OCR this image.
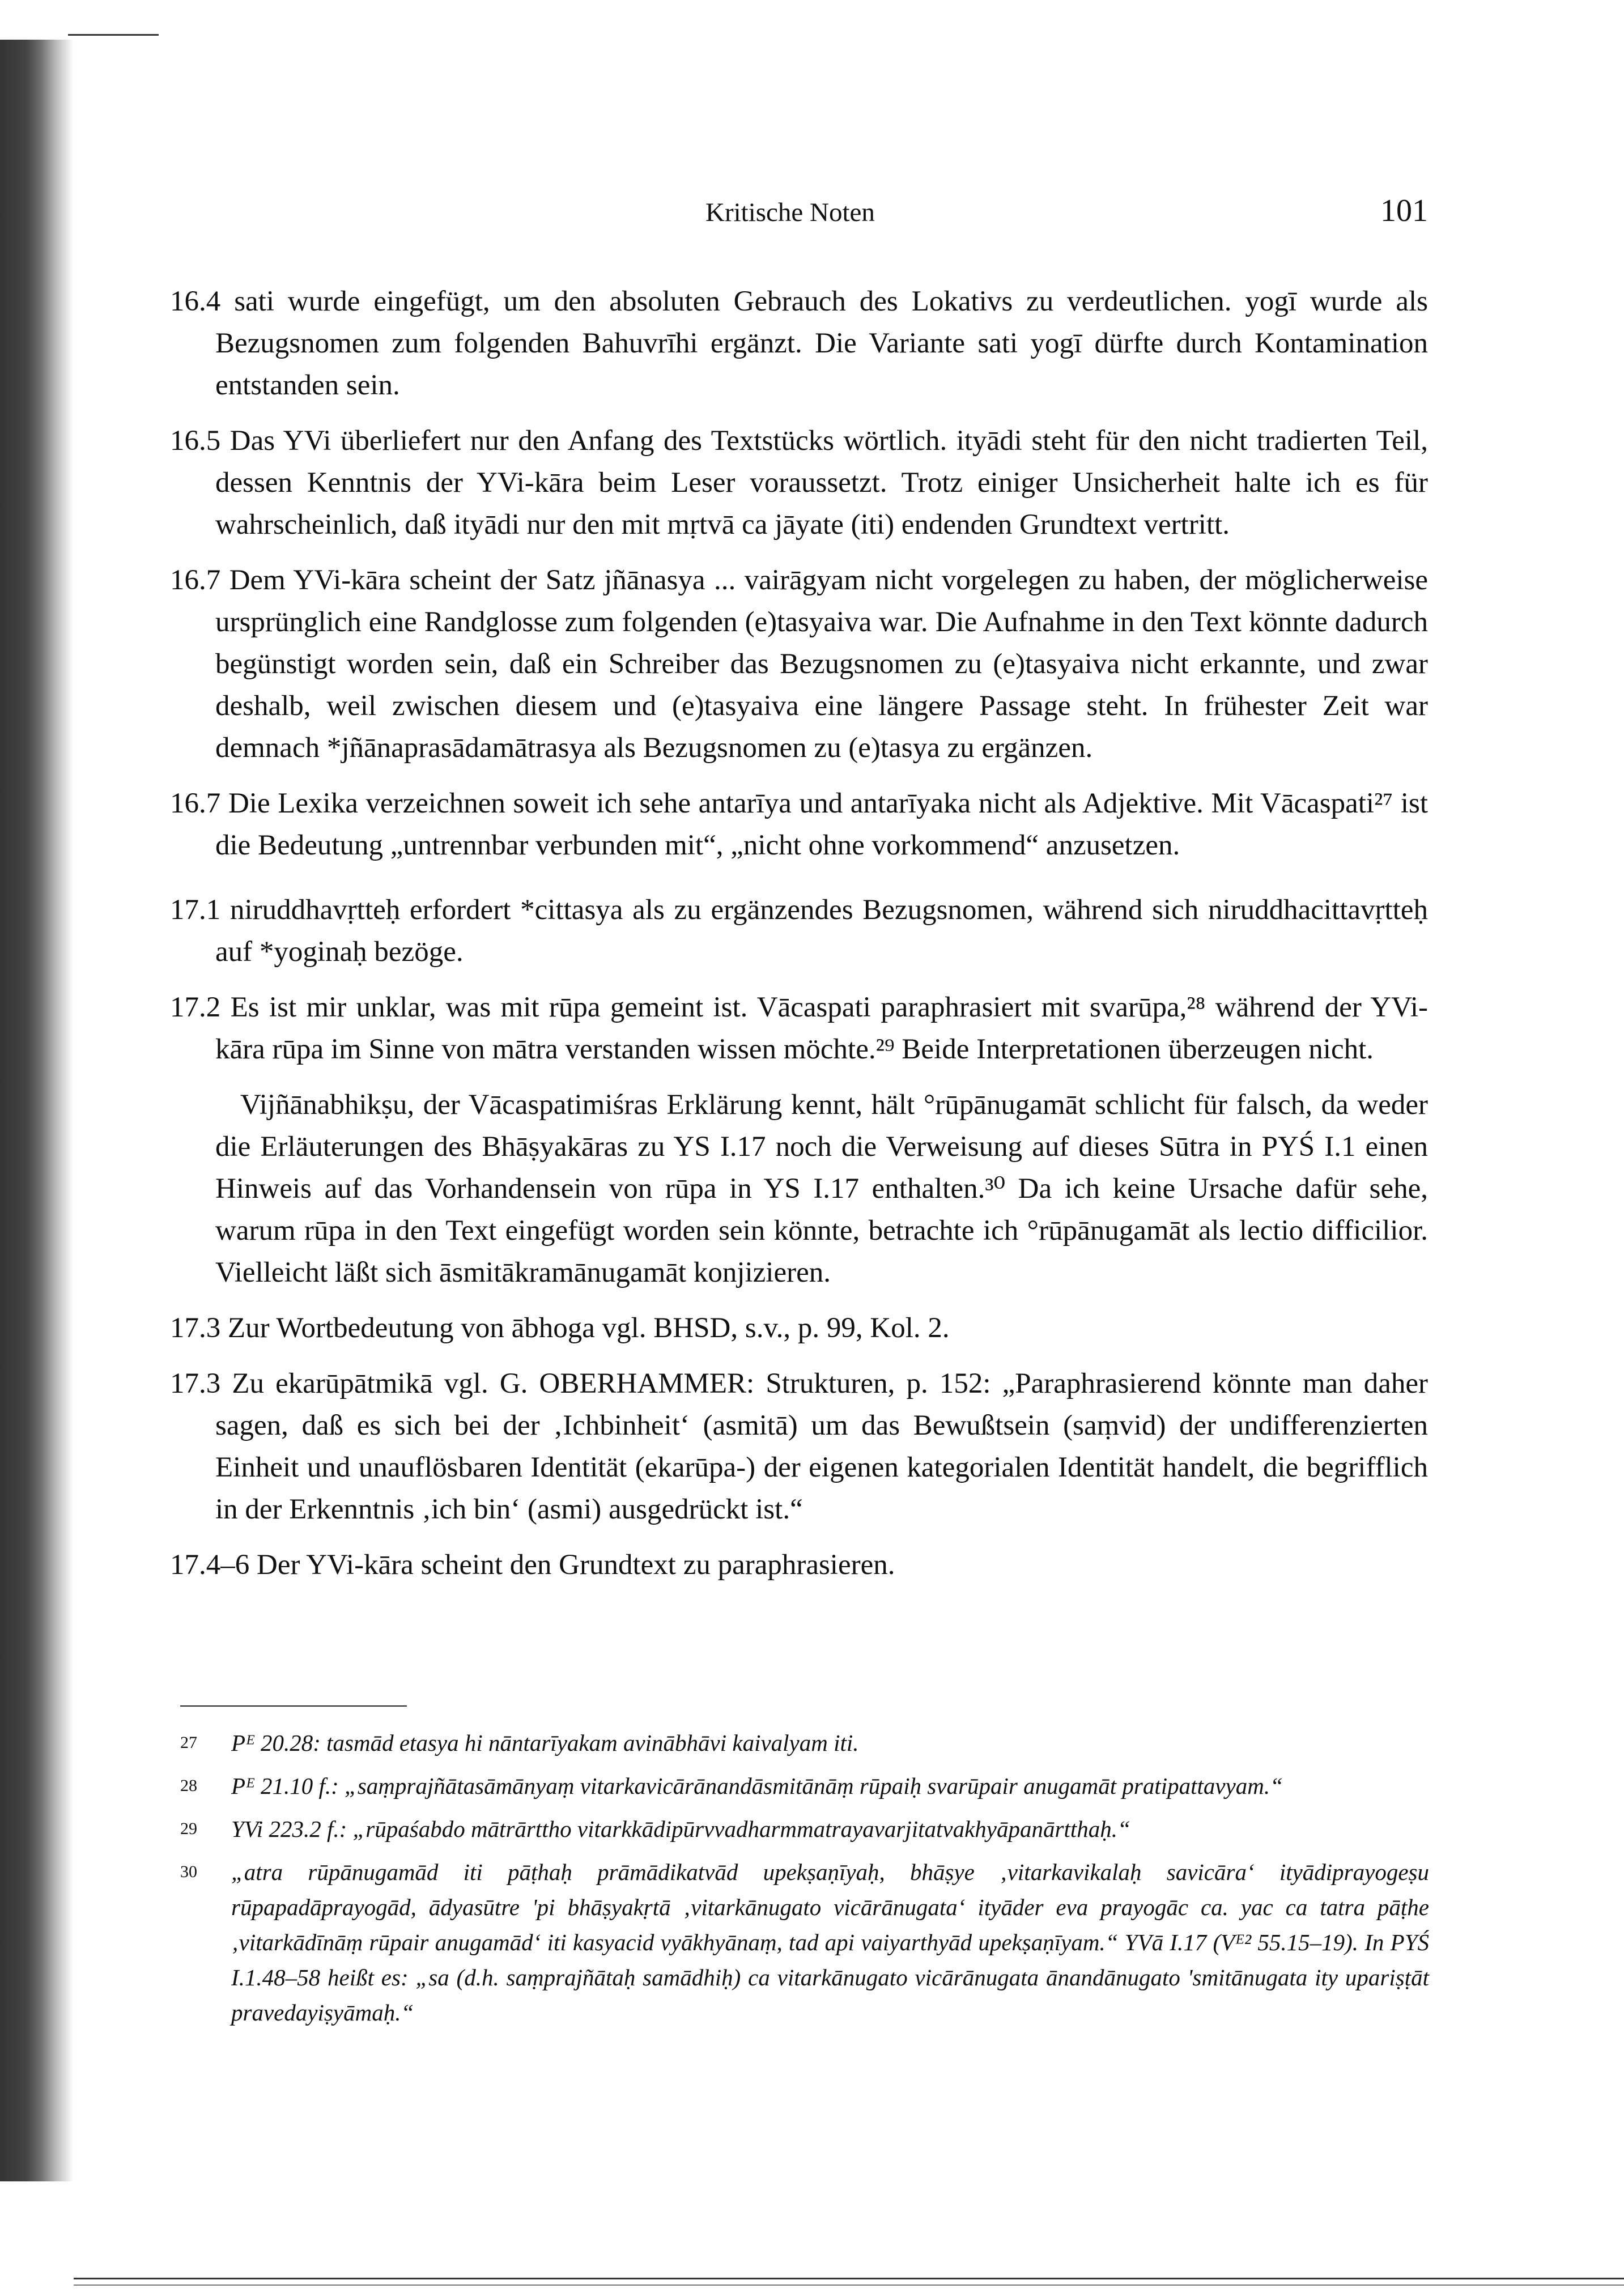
Kritische Noten	101

16.4 sati wurde eingefügt, um den absoluten Gebrauch des Lokativs zu verdeutlichen. yogī wurde als Bezugsnomen zum folgenden Bahuvrīhi ergänzt. Die Variante sati yogī dürfte durch Kontamination entstanden sein.

16.5 Das YVi überliefert nur den Anfang des Textstücks wörtlich. ityādi steht für den nicht tradierten Teil, dessen Kenntnis der YVi-kāra beim Leser voraussetzt. Trotz einiger Unsicherheit halte ich es für wahrscheinlich, daß ityādi nur den mit mṛtvā ca jāyate (iti) endenden Grundtext vertritt.

16.7 Dem YVi-kāra scheint der Satz jñānasya ... vairāgyam nicht vorgelegen zu haben, der möglicherweise ursprünglich eine Randglosse zum folgenden (e)tasyaiva war. Die Aufnahme in den Text könnte dadurch begünstigt worden sein, daß ein Schreiber das Bezugsnomen zu (e)tasyaiva nicht erkannte, und zwar deshalb, weil zwischen diesem und (e)tasyaiva eine längere Passage steht. In frühester Zeit war demnach *jñānaprasādamātrasya als Bezugsnomen zu (e)tasya zu ergänzen.

16.7 Die Lexika verzeichnen soweit ich sehe antarīya und antarīyaka nicht als Adjektive. Mit Vācaspati²⁷ ist die Bedeutung „untrennbar verbunden mit“, „nicht ohne vorkommend“ anzusetzen.

17.1 niruddhavṛtteḥ erfordert *cittasya als zu ergänzendes Bezugsnomen, während sich niruddhacittavṛtteḥ auf *yoginaḥ bezöge.

17.2 Es ist mir unklar, was mit rūpa gemeint ist. Vācaspati paraphrasiert mit svarūpa,²⁸ während der YVi-kāra rūpa im Sinne von mātra verstanden wissen möchte.²⁹ Beide Interpretationen überzeugen nicht.

Vijñānabhikṣu, der Vācaspatimiśras Erklärung kennt, hält °rūpānugamāt schlicht für falsch, da weder die Erläuterungen des Bhāṣyakāras zu YS I.17 noch die Verweisung auf dieses Sūtra in PYŚ I.1 einen Hinweis auf das Vorhandensein von rūpa in YS I.17 enthalten.³⁰ Da ich keine Ursache dafür sehe, warum rūpa in den Text eingefügt worden sein könnte, betrachte ich °rūpānugamāt als lectio difficilior. Vielleicht läßt sich āsmitākramānugamāt konjizieren.

17.3 Zur Wortbedeutung von ābhoga vgl. BHSD, s.v., p. 99, Kol. 2.

17.3 Zu ekarūpātmikā vgl. G. OBERHAMMER: Strukturen, p. 152: „Paraphrasierend könnte man daher sagen, daß es sich bei der ‚Ichbinheit‘ (asmitā) um das Bewußtsein (saṃvid) der undifferenzierten Einheit und unauflösbaren Identität (ekarūpa-) der eigenen kategorialen Identität handelt, die begrifflich in der Erkenntnis ‚ich bin‘ (asmi) ausgedrückt ist.“

17.4–6 Der YVi-kāra scheint den Grundtext zu paraphrasieren.

27 Pᴱ 20.28: tasmād etasya hi nāntarīyakam avinābhāvi kaivalyam iti.

28 Pᴱ 21.10 f.: „saṃprajñātasāmānyaṃ vitarkavicārānandāsmitānāṃ rūpaiḥ svarūpair anugamāt pratipattavyam.“

29 YVi 223.2 f.: „rūpaśabdo mātrārttho vitarkkādipūrvvadharmmatrayavarjitatvakhyāpanārtthaḥ.“

30 „atra rūpānugamād iti pāṭhaḥ prāmādikatvād upekṣaṇīyaḥ, bhāṣye ‚vitarkavikalaḥ savicāra‘ ityādiprayogeṣu rūpapadāprayogād, ādyasūtre 'pi bhāṣyakṛtā ‚vitarkānugato vicārānugata‘ ityāder eva prayogāc ca. yac ca tatra pāṭhe ‚vitarkādīnāṃ rūpair anugamād‘ iti kasyacid vyākhyānaṃ, tad api vaiyarthyād upekṣaṇīyam.“ YVā I.17 (Vᴱ² 55.15–19). In PYŚ I.1.48–58 heißt es: „sa (d.h. saṃprajñātaḥ samādhiḥ) ca vitarkānugato vicārānugata ānandānugato 'smitānugata ity upariṣṭāt pravedayiṣyāmaḥ.“
